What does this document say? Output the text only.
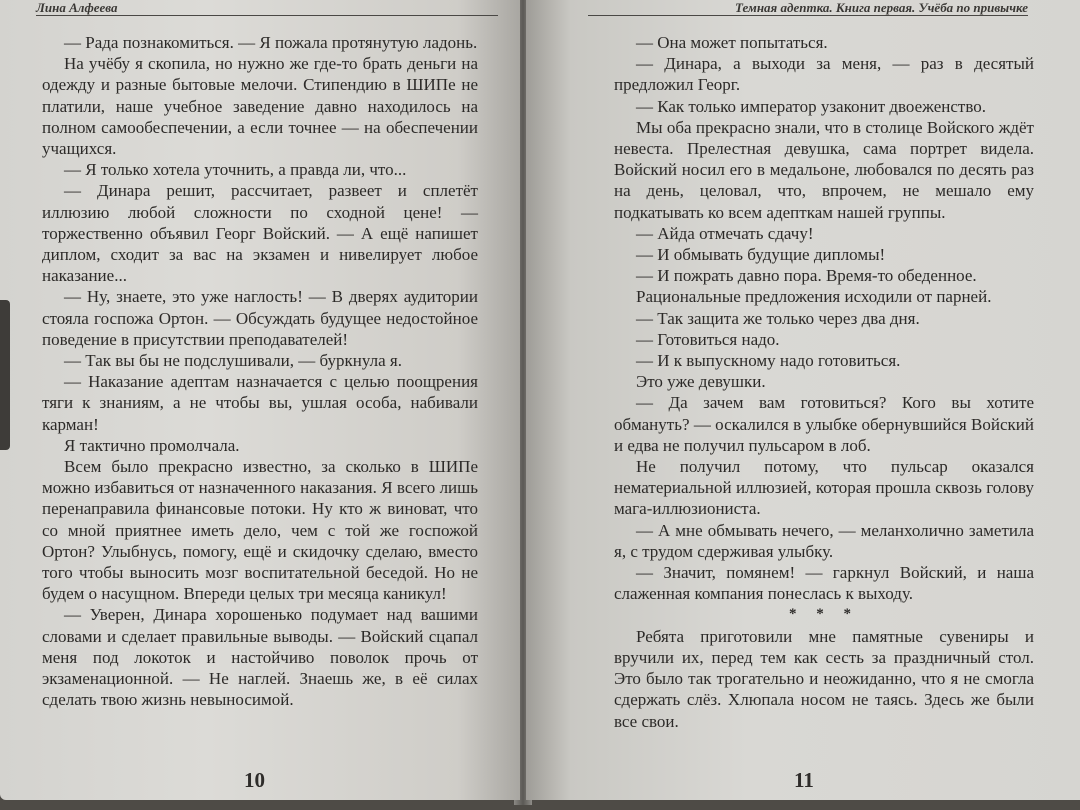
Лина Алфеева

— Рада познакомиться. — Я пожала протянутую ладонь.

На учёбу я скопила, но нужно же где-то брать деньги на одежду и разные бытовые мелочи. Стипендию в ШИПе не платили, наше учебное заведение давно находилось на полном самообеспечении, а если точнее — на обеспечении учащихся.

— Я только хотела уточнить, а правда ли, что...

— Динара решит, рассчитает, развеет и сплетёт иллюзию любой сложности по сходной цене! — торжественно объявил Георг Войский. — А ещё напишет диплом, сходит за вас на экзамен и нивелирует любое наказание...

— Ну, знаете, это уже наглость! — В дверях аудитории стояла госпожа Ортон. — Обсуждать будущее недостойное поведение в присутствии преподавателей!

— Так вы бы не подслушивали, — буркнула я.

— Наказание адептам назначается с целью поощрения тяги к знаниям, а не чтобы вы, ушлая особа, набивали карман!

Я тактично промолчала.

Всем было прекрасно известно, за сколько в ШИПе можно избавиться от назначенного наказания. Я всего лишь перенаправила финансовые потоки. Ну кто ж виноват, что со мной приятнее иметь дело, чем с той же госпожой Ортон? Улыбнусь, помогу, ещё и скидочку сделаю, вместо того чтобы выносить мозг воспитательной беседой. Но не будем о насущном. Впереди целых три месяца каникул!

— Уверен, Динара хорошенько подумает над вашими словами и сделает правильные выводы. — Войский сцапал меня под локоток и настойчиво поволок прочь от экзаменационной. — Не наглей. Знаешь же, в её силах сделать твою жизнь невыносимой.

10
Темная адептка. Книга первая. Учёба по привычке

— Она может попытаться.

— Динара, а выходи за меня, — раз в десятый предложил Георг.

— Как только император узаконит двоеженство.

Мы оба прекрасно знали, что в столице Войского ждёт невеста. Прелестная девушка, сама портрет видела. Войский носил его в медальоне, любовался по десять раз на день, целовал, что, впрочем, не мешало ему подкатывать ко всем адепткам нашей группы.

— Айда отмечать сдачу!

— И обмывать будущие дипломы!

— И пожрать давно пора. Время-то обеденное.

Рациональные предложения исходили от парней.

— Так защита же только через два дня.

— Готовиться надо.

— И к выпускному надо готовиться.

Это уже девушки.

— Да зачем вам готовиться? Кого вы хотите обмануть? — оскалился в улыбке обернувшийся Войский и едва не получил пульсаром в лоб.

Не получил потому, что пульсар оказался нематериальной иллюзией, которая прошла сквозь голову мага-иллюзиониста.

— А мне обмывать нечего, — меланхолично заметила я, с трудом сдерживая улыбку.

— Значит, помянем! — гаркнул Войский, и наша слаженная компания понеслась к выходу.

* * *

Ребята приготовили мне памятные сувениры и вручили их, перед тем как сесть за праздничный стол. Это было так трогательно и неожиданно, что я не смогла сдержать слёз. Хлюпала носом не таясь. Здесь же были все свои.

11
